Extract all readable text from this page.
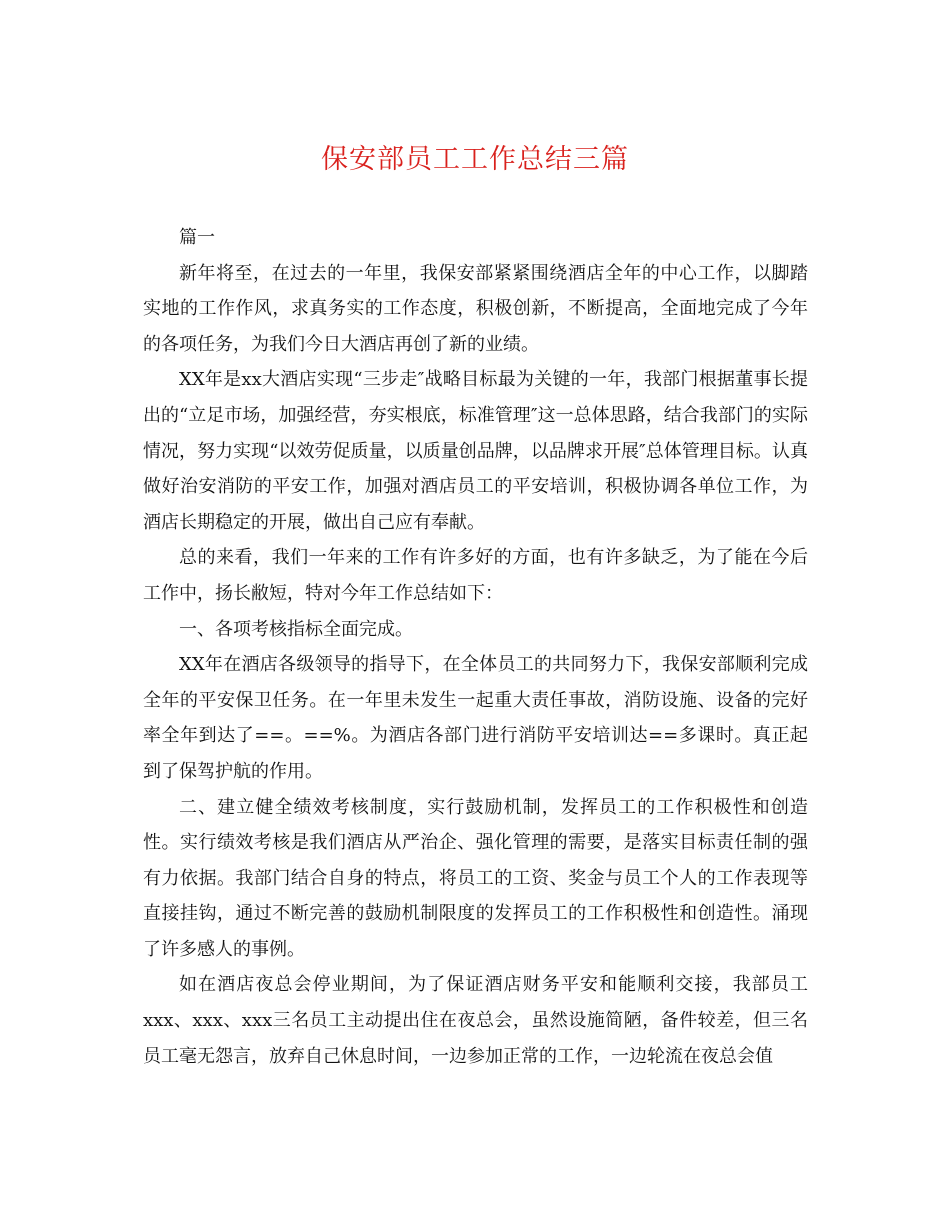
保安部员工工作总结三篇

篇一

新年将至，在过去的一年里，我保安部紧紧围绕酒店全年的中心工作，以脚踏实地的工作作风，求真务实的工作态度，积极创新，不断提高，全面地完成了今年的各项任务，为我们今日大酒店再创了新的业绩。

XX年是xx大酒店实现“三步走″战略目标最为关键的一年，我部门根据董事长提出的“立足市场，加强经营，夯实根底，标准管理″这一总体思路，结合我部门的实际情况，努力实现“以效劳促质量，以质量创品牌，以品牌求开展″总体管理目标。认真做好治安消防的平安工作，加强对酒店员工的平安培训，积极协调各单位工作，为酒店长期稳定的开展，做出自己应有奉献。

总的来看，我们一年来的工作有许多好的方面，也有许多缺乏，为了能在今后工作中，扬长敝短，特对今年工作总结如下：

一、各项考核指标全面完成。

XX年在酒店各级领导的指导下，在全体员工的共同努力下，我保安部顺利完成全年的平安保卫任务。在一年里未发生一起重大责任事故，消防设施、设备的完好率全年到达了==。==%。为酒店各部门进行消防平安培训达==多课时。真正起到了保驾护航的作用。

二、建立健全绩效考核制度，实行鼓励机制，发挥员工的工作积极性和创造性。实行绩效考核是我们酒店从严治企、强化管理的需要，是落实目标责任制的强有力依据。我部门结合自身的特点，将员工的工资、奖金与员工个人的工作表现等直接挂钩，通过不断完善的鼓励机制限度的发挥员工的工作积极性和创造性。涌现了许多感人的事例。

如在酒店夜总会停业期间，为了保证酒店财务平安和能顺利交接，我部员工xxx、xxx、xxx三名员工主动提出住在夜总会，虽然设施简陋，备件较差，但三名员工毫无怨言，放弃自己休息时间，一边参加正常的工作，一边轮流在夜总会值
